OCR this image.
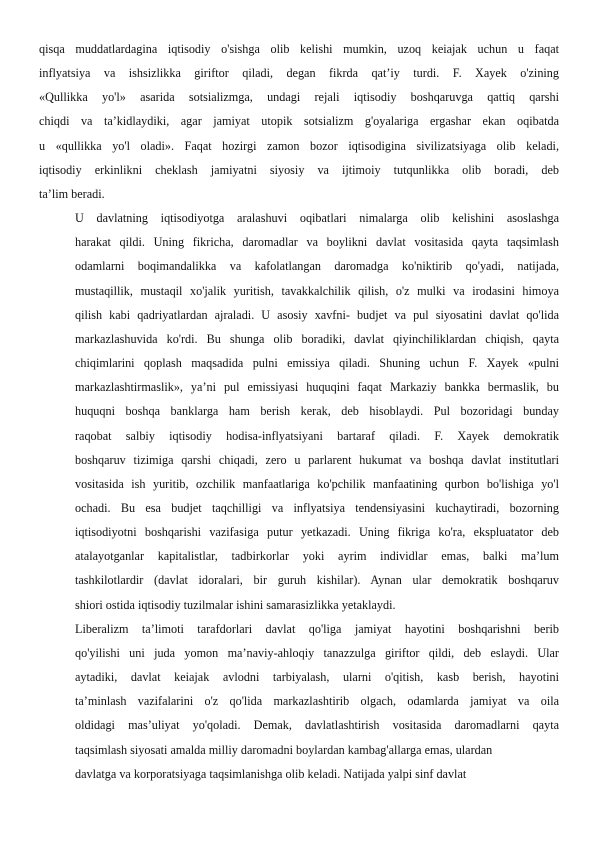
qisqa muddatlardagina iqtisodiy o'sishga olib kelishi mumkin, uzoq keiajak uchun u faqat
inflyatsiya va ishsizlikka giriftor qiladi, degan fikrda qat’iy turdi. F. Xayek o'zining
«Qullikka yo'l» asarida sotsializmga, undagi rejali iqtisodiy boshqaruvga qattiq qarshi
chiqdi va ta’kidlaydiki, agar jamiyat utopik sotsializm g'oyalariga ergashar ekan oqibatda
u «qullikka yo'l oladi». Faqat hozirgi zamon bozor iqtisodigina sivilizatsiyaga olib keladi,
iqtisodiy erkinlikni cheklash jamiyatni siyosiy va ijtimoiy tutqunlikka olib boradi, deb
ta’lim beradi.

U davlatning iqtisodiyotga aralashuvi oqibatlari nimalarga olib kelishini asoslashga
harakat qildi. Uning fikricha, daromadlar va boylikni davlat vositasida qayta taqsimlash
odamlarni boqimandalikka va kafolatlangan daromadga ko'niktirib qo'yadi, natijada,
mustaqillik, mustaqil xo'jalik yuritish, tavakkalchilik qilish, o'z mulki va irodasini himoya
qilish kabi qadriyatlardan ajraladi. U asosiy xavfni- budjet va pul siyosatini davlat qo'lida
markazlashuvida ko'rdi. Bu shunga olib boradiki, davlat qiyinchiliklardan chiqish, qayta
chiqimlarini qoplash maqsadida pulni emissiya qiladi. Shuning uchun F. Xayek «pulni
markazlashtirmaslik», ya’ni pul emissiyasi huquqini faqat Markaziy bankka bermaslik, bu
huquqni boshqa banklarga ham berish kerak, deb hisoblaydi. Pul bozoridagi bunday
raqobat salbiy iqtisodiy hodisa-inflyatsiyani bartaraf qiladi. F. Xayek demokratik
boshqaruv tizimiga qarshi chiqadi, zero u parlarent hukumat va boshqa davlat institutlari
vositasida ish yuritib, ozchilik manfaatlariga ko'pchilik manfaatining qurbon bo'lishiga yo'l
ochadi. Bu esa budjet taqchilligi va inflyatsiya tendensiyasini kuchaytiradi, bozorning
iqtisodiyotni boshqarishi vazifasiga putur yetkazadi. Uning fikriga ko'ra, ekspluatator deb
atalayotganlar kapitalistlar, tadbirkorlar yoki ayrim individlar emas, balki ma’lum
tashkilotlardir (davlat idoralari, bir guruh kishilar). Aynan ular demokratik boshqaruv
shiori ostida iqtisodiy tuzilmalar ishini samarasizlikka yetaklaydi.

Liberalizm ta’limoti tarafdorlari davlat qo'liga jamiyat hayotini boshqarishni berib
qo'yilishi uni juda yomon ma’naviy-ahloqiy tanazzulga giriftor qildi, deb eslaydi. Ular
aytadiki, davlat keiajak avlodni tarbiyalash, ularni o'qitish, kasb berish, hayotini
ta’minlash vazifalarini o'z qo'lida markazlashtirib olgach, odamlarda jamiyat va oila
oldidagi mas’uliyat yo'qoladi. Demak, davlatlashtirish vositasida daromadlarni qayta
taqsimlash siyosati amalda milliy daromadni boylardan kambag'allarga emas, ulardan
davlatga va korporatsiyaga taqsimlanishga olib keladi. Natijada yalpi sinf davlat
